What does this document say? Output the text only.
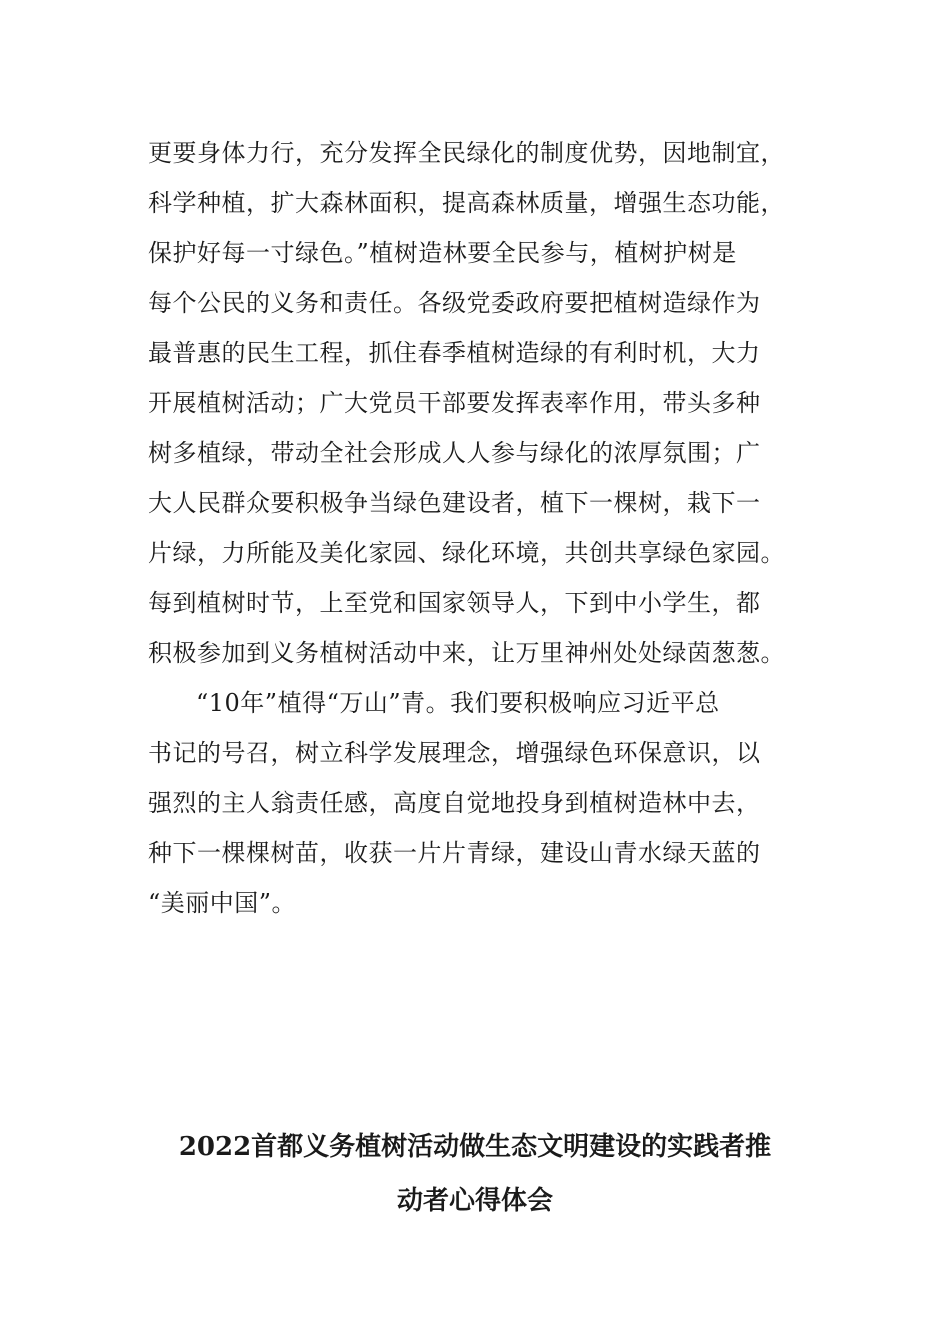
更要身体力行，充分发挥全民绿化的制度优势，因地制宜，
科学种植，扩大森林面积，提高森林质量，增强生态功能，
保护好每一寸绿色。”植树造林要全民参与，植树护树是
每个公民的义务和责任。各级党委政府要把植树造绿作为
最普惠的民生工程，抓住春季植树造绿的有利时机，大力
开展植树活动；广大党员干部要发挥表率作用，带头多种
树多植绿，带动全社会形成人人参与绿化的浓厚氛围；广
大人民群众要积极争当绿色建设者，植下一棵树，栽下一
片绿，力所能及美化家园、绿化环境，共创共享绿色家园。
每到植树时节，上至党和国家领导人，下到中小学生，都
积极参加到义务植树活动中来，让万里神州处处绿茵葱葱。
“10年”植得“万山”青。我们要积极响应习近平总
书记的号召，树立科学发展理念，增强绿色环保意识，以
强烈的主人翁责任感，高度自觉地投身到植树造林中去，
种下一棵棵树苗，收获一片片青绿，建设山青水绿天蓝的
“美丽中国”。
2022首都义务植树活动做生态文明建设的实践者推
动者心得体会
